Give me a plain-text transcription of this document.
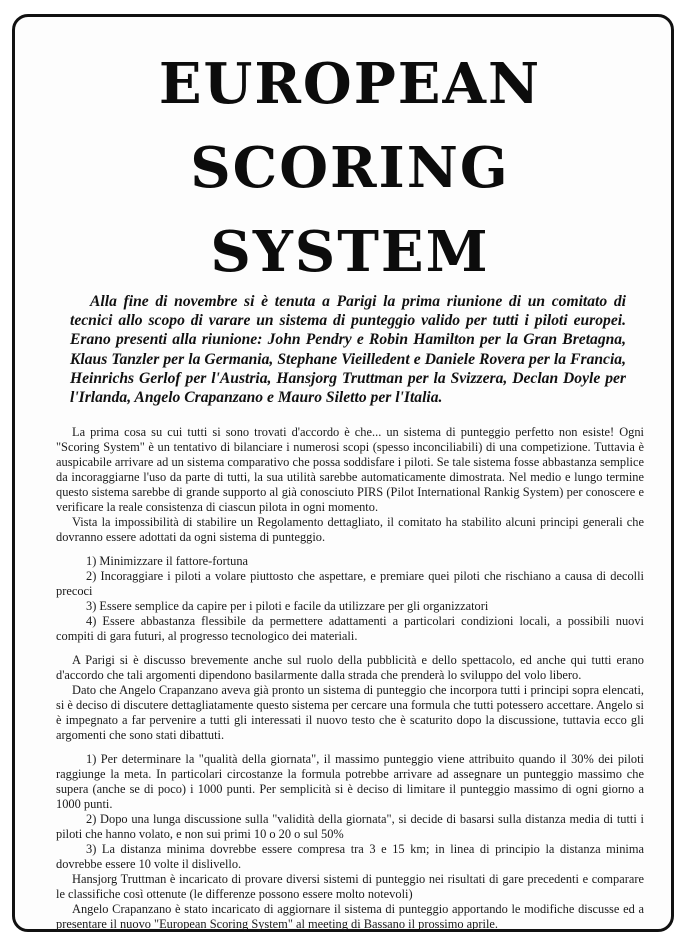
EUROPEAN
SCORING
SYSTEM

Alla fine di novembre si è tenuta a Parigi la prima riunione di un comitato di tecnici allo scopo di varare un sistema di punteggio valido per tutti i piloti europei. Erano presenti alla riunione: John Pendry e Robin Hamilton per la Gran Bretagna, Klaus Tanzler per la Germania, Stephane Vieilledent e Daniele Rovera per la Francia, Heinrichs Gerlof per l'Austria, Hansjorg Truttman per la Svizzera, Declan Doyle per l'Irlanda, Angelo Crapanzano e Mauro Siletto per l'Italia.

La prima cosa su cui tutti si sono trovati d'accordo è che... un sistema di punteggio perfetto non esiste! Ogni "Scoring System" è un tentativo di bilanciare i numerosi scopi (spesso inconciliabili) di una competizione. Tuttavia è auspicabile arrivare ad un sistema comparativo che possa soddisfare i piloti. Se tale sistema fosse abbastanza semplice da incoraggiarne l'uso da parte di tutti, la sua utilità sarebbe automaticamente dimostrata. Nel medio e lungo termine questo sistema sarebbe di grande supporto al già conosciuto PIRS (Pilot International Rankig System) per conoscere e verificare la reale consistenza di ciascun pilota in ogni momento.

Vista la impossibilità di stabilire un Regolamento dettagliato, il comitato ha stabilito alcuni principi generali che dovranno essere adottati da ogni sistema di punteggio.

1) Minimizzare il fattore-fortuna
2) Incoraggiare i piloti a volare piuttosto che aspettare, e premiare quei piloti che rischiano a causa di decolli precoci
3) Essere semplice da capire per i piloti e facile da utilizzare per gli organizzatori
4) Essere abbastanza flessibile da permettere adattamenti a particolari condizioni locali, a possibili nuovi compiti di gara futuri, al progresso tecnologico dei materiali.

A Parigi si è discusso brevemente anche sul ruolo della pubblicità e dello spettacolo, ed anche qui tutti erano d'accordo che tali argomenti dipendono basilarmente dalla strada che prenderà lo sviluppo del volo libero.

Dato che Angelo Crapanzano aveva già pronto un sistema di punteggio che incorpora tutti i principi sopra elencati, si è deciso di discutere dettagliatamente questo sistema per cercare una formula che tutti potessero accettare. Angelo si è impegnato a far pervenire a tutti gli interessati il nuovo testo che è scaturito dopo la discussione, tuttavia ecco gli argomenti che sono stati dibattuti.

1) Per determinare la "qualità della giornata", il massimo punteggio viene attribuito quando il 30% dei piloti raggiunge la meta. In particolari circostanze la formula potrebbe arrivare ad assegnare un punteggio massimo che supera (anche se di poco) i 1000 punti. Per semplicità si è deciso di limitare il punteggio massimo di ogni giorno a 1000 punti.
2) Dopo una lunga discussione sulla "validità della giornata", si decide di basarsi sulla distanza media di tutti i piloti che hanno volato, e non sui primi 10 o 20 o sul 50%
3) La distanza minima dovrebbe essere compresa tra 3 e 15 km; in linea di principio la distanza minima dovrebbe essere 10 volte il dislivello.

Hansjorg Truttman è incaricato di provare diversi sistemi di punteggio nei risultati di gare precedenti e comparare le classifiche così ottenute (le differenze possono essere molto notevoli)

Angelo Crapanzano è stato incaricato di aggiornare il sistema di punteggio apportando le modifiche discusse ed a presentare il nuovo "European Scoring System" al meeting di Bassano il prossimo aprile.
